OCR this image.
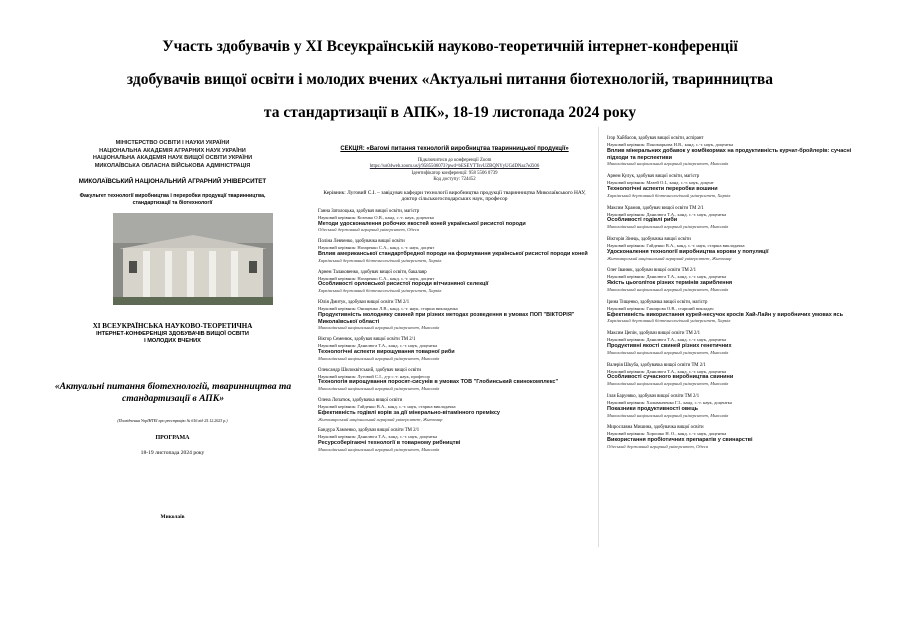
Участь здобувачів у XI Всеукраїнській науково-теоретичній інтернет-конференції
здобувачів вищої освіти і молодих вчених «Актуальні питання біотехнологій, тваринництва
та стандартизації в АПК», 18-19 листопада 2024 року
МІНІСТЕРСТВО ОСВІТИ І НАУКИ УКРАЇНИ
НАЦІОНАЛЬНА АКАДЕМІЯ АГРАРНИХ НАУК УКРАЇНИ
НАЦІОНАЛЬНА АКАДЕМІЯ НАУК ВИЩОЇ ОСВІТИ УКРАЇНИ
МИКОЛАЇВСЬКА ОБЛАСНА ВІЙСЬКОВА АДМІНІСТРАЦІЯ
МИКОЛАЇВСЬКИЙ НАЦІОНАЛЬНИЙ АГРАРНИЙ УНІВЕРСИТЕТ
Факультет технології виробництва і переробки продукції тваринництва, стандартизації та біотехнології
XI ВСЕУКРАЇНСЬКА НАУКОВО-ТЕОРЕТИЧНА
ІНТЕРНЕТ-КОНФЕРЕНЦІЯ ЗДОБУВАЧІВ ВИЩОЇ ОСВІТИ
І МОЛОДИХ ВЧЕНИХ
«Актуальні питання біотехнологій, тваринництва та стандартизації в АПК»
(Посвідчення УкрІНТЕІ про реєстрацію № 616 від 25.12.2023 р.)
ПРОГРАМА
18-19 листопада 2024 року
Миколаїв
СЕКЦІЯ: «Вагомі питання технологій виробництва тваринницької продукції»
Підключитися до конференції Zoom
https://us04web.zoom.us/j/9585506073?pwd=bESEYTTsvUZBQNYyUGdDNaz7eZi06
Ідентифікатор конференції: 958 5506 0739
Код доступу: 724452
Керівник: Луговий С.І. – завідувач кафедри технології виробництва продукції тваринництва Миколаївського НАУ, доктор сільськогосподарських наук, професор
Ганна Затолоцька, здобувач вищої освіти, магістр
Науковий керівник: Козенко О.В., канд. с.-г. наук, доцентка
Методи удосконалення робочих якостей коней української рисистої породи
Одеський державний аграрний університет, Одеса
Поліна Левченко, здобувачка вищої освіти
Науковий керівник: Назаренко С.А., канд. с.-г. наук, доцент
Вплив американської стандартбредної породи на формування української рисистої породи коней
Харківський державний біотехнологічний університет, Харків
Арнем Талаковенко, здобувач вищої освіти, бакалавр
Науковий керівник: Назаренко С.А., канд. с.-г. наук, доцент
Особливості орловської рисистої породи вітчизняної селекції
Харківський державний біотехнологічний університет, Харків
Юлія Дмитук, здобувач вищої освіти ТМ 2/1
Науковий керівник: Онищенко Л.В., канд. с.-г. наук, старша викладачка
Продуктивність молодняку свиней при різних методах розведення в умовах ПОП "ВІКТОРІЯ" Миколаївської області
Миколаївський національний аграрний університет, Миколаїв
Віктор Семенюк, здобувач вищої освіти ТМ 2/1
Науковий керівник: Данилюга Т.А., канд. с.-г. наук, доцентка
Технологічні аспекти вирощування товарної риби
Миколаївський національний аграрний університет, Миколаїв
Олександр Шилоквітський, здобувач вищої освіти
Науковий керівник: Луговий С.І., д-р с.-г. наук, професор
Технологія вирощування поросят-сисунів в умовах ТОВ "Глобинський свинокомплекс"
Миколаївський національний аграрний університет, Миколаїв
Олена Лопатюк, здобувачка вищої освіти
Науковий керівник: Гайденко В.А., канд. с.-г. наук, старша викладачка
Ефективність годівлі корів за дії мінерально-вітамінного премiксу
Житомирський національний аграрний університет, Житомир
Бандура Хамзенко, здобувач вищої освіти ТМ 2/1
Науковий керівник: Данилюга Т.А., канд. с.-г. наук, доцентка
Ресурсоберігаючі технології в товарному рибництві
Миколаївський національний аграрний університет, Миколаїв
Ігор Хайбасов, здобувач вищої освіти, аспірант
Науковий керівник: Пономарьова Н.В., канд. с.-г. наук, доцентка
Вплив мінеральних добавок у комбікормах на продуктивність курчат-бройлерів: сучасні підходи та перспективи
Миколаївський національний аграрний університет, Миколаїв
Арнем Кулук, здобувач вищої освіти, магістр
Науковий керівник: Мазей О.І., канд. с.-г. наук, доцент
Технологічні аспекти переробки вошини
Харківський державний біотехнологічний університет, Харків
Максим Храмов, здобувач вищої освіти ТМ 2/1
Науковий керівник: Данилюга Т.А., канд. с.-г. наук, доцентка
Особливості годівлі риби
Миколаївський національний аграрний університет, Миколаїв
Вікторія Зінець, здобувачка вищої освіти
Науковий керівник: Гайденко В.А., канд. с.-г. наук, старша викладачка
Удосконалення технології виробництва корови у популяції
Житомирський національний аграрний університет, Житомир
Олег Іванюк, здобувач вищої освіти ТМ 2/1
Науковий керівник: Данилюга Т.А., канд. с.-г. наук, доцентка
Якість цьоголіток різних термінів зариблення
Миколаївський національний аграрний університет, Миколаїв
Ірина Тищенко, здобувачка вищої освіти, магістр
Науковий керівник: Гаширова О.В., старший викладач
Ефективність використання курей-несучок кросів Хай-Лайн у виробничих умовах ясь
Харківський державний біотехнологічний університет, Харків
Максим Цепін, здобувач вищої освіти ТМ 2/1
Науковий керівник: Данилюга Т.А., канд. с.-г. наук, доцентка
Продуктивні якості свиней різних генетичних
Миколаївський національний аграрний університет, Миколаїв
Валерія Шкуба, здобувачка вищої освіти ТМ 2/1
Науковий керівник: Данилюга Т.А., канд. с.-г. наук, доцентка
Особливості сучасного виробництва свинини
Миколаївський національний аграрний університет, Миколаїв
Ілля Баруняко, здобувач вищої освіти ТМ 2/1
Науковий керівник: Хальванченко Г.І., канд. с.-г. наук, доцентка
Показники продуктивності овець
Миколаївський національний аграрний університет, Миколаїв
Мирославна Мишина, здобувачка вищої освіти
Науковий керівник: Хорошко Н. О., канд. с.-г. наук, доцентка
Використання пробіотичних препаратів у свинарстві
Одеський державний аграрний університет, Одеса
